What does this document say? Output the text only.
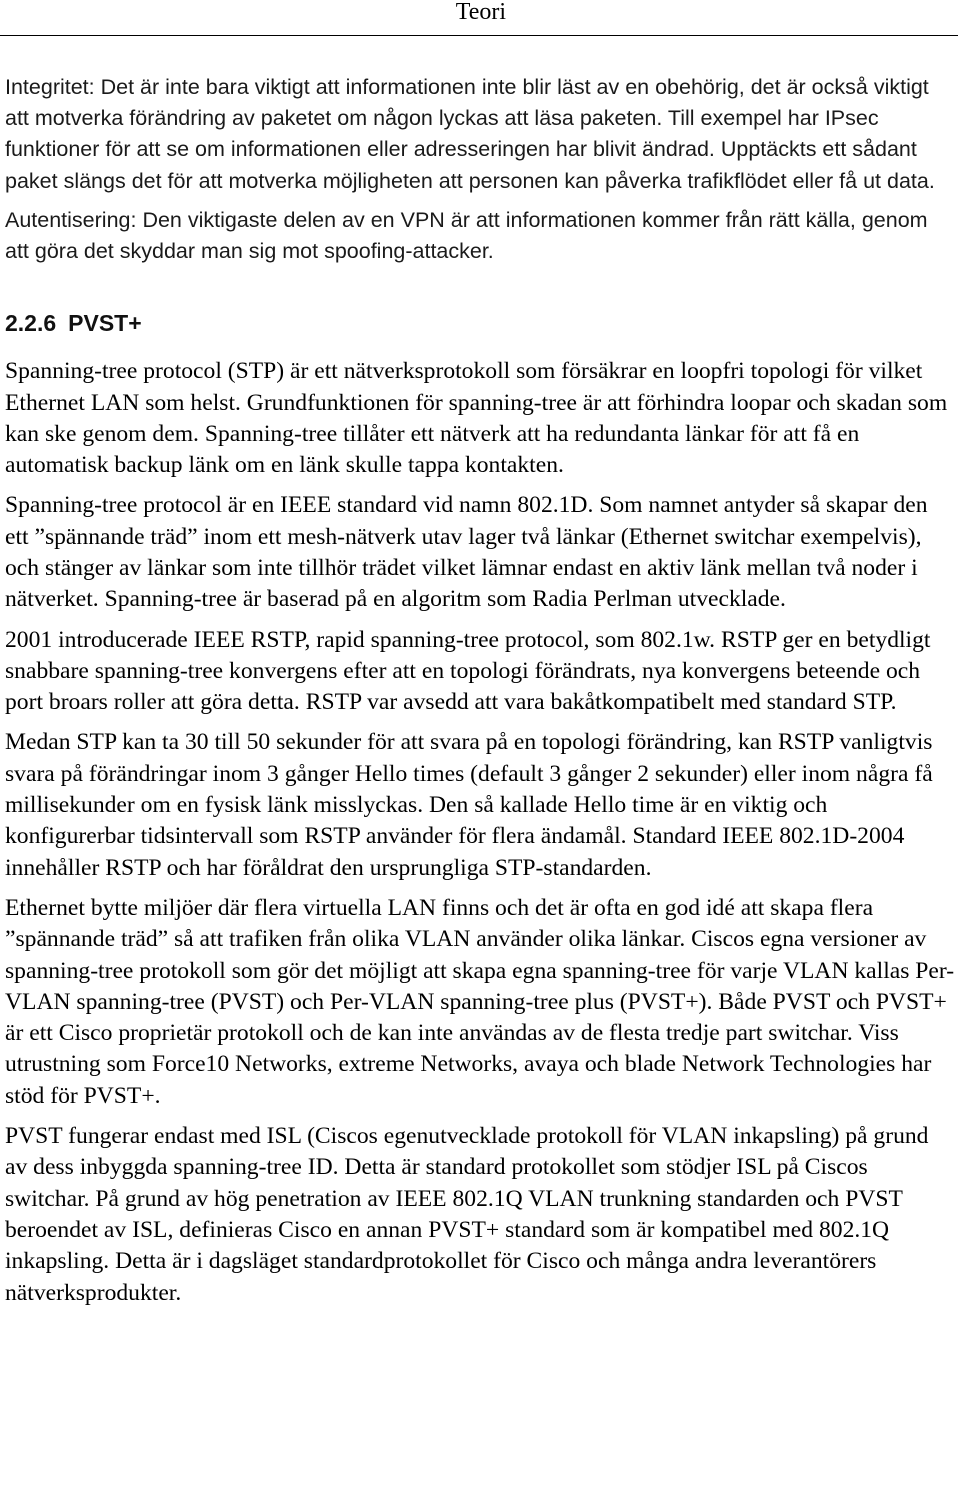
Teori

Integritet: Det är inte bara viktigt att informationen inte blir läst av en obehörig, det är också viktigt att motverka förändring av paketet om någon lyckas att läsa paketen. Till exempel har IPsec funktioner för att se om informationen eller adresseringen har blivit ändrad. Upptäckts ett sådant paket slängs det för att motverka möjligheten att personen kan påverka trafikflödet eller få ut data.

Autentisering: Den viktigaste delen av en VPN är att informationen kommer från rätt källa, genom att göra det skyddar man sig mot spoofing-attacker.

2.2.6 PVST+

Spanning-tree protocol (STP) är ett nätverksprotokoll som försäkrar en loopfri topologi för vilket Ethernet LAN som helst. Grundfunktionen för spanning-tree är att förhindra loopar och skadan som kan ske genom dem. Spanning-tree tillåter ett nätverk att ha redundanta länkar för att få en automatisk backup länk om en länk skulle tappa kontakten.

Spanning-tree protocol är en IEEE standard vid namn 802.1D. Som namnet antyder så skapar den ett ”spännande träd” inom ett mesh-nätverk utav lager två länkar (Ethernet switchar exempelvis), och stänger av länkar som inte tillhör trädet vilket lämnar endast en aktiv länk mellan två noder i nätverket. Spanning-tree är baserad på en algoritm som Radia Perlman utvecklade.

2001 introducerade IEEE RSTP, rapid spanning-tree protocol, som 802.1w. RSTP ger en betydligt snabbare spanning-tree konvergens efter att en topologi förändrats, nya konvergens beteende och port broars roller att göra detta. RSTP var avsedd att vara bakåtkompatibelt med standard STP.

Medan STP kan ta 30 till 50 sekunder för att svara på en topologi förändring, kan RSTP vanligtvis svara på förändringar inom 3 gånger Hello times (default 3 gånger 2 sekunder) eller inom några få millisekunder om en fysisk länk misslyckas. Den så kallade Hello time är en viktig och konfigurerbar tidsintervall som RSTP använder för flera ändamål. Standard IEEE 802.1D-2004 innehåller RSTP och har föråldrat den ursprungliga STP-standarden.

Ethernet bytte miljöer där flera virtuella LAN finns och det är ofta en god idé att skapa flera ”spännande träd” så att trafiken från olika VLAN använder olika länkar. Ciscos egna versioner av spanning-tree protokoll som gör det möjligt att skapa egna spanning-tree för varje VLAN kallas Per-VLAN spanning-tree (PVST) och Per-VLAN spanning-tree plus (PVST+). Både PVST och PVST+ är ett Cisco proprietär protokoll och de kan inte användas av de flesta tredje part switchar. Viss utrustning som Force10 Networks, extreme Networks, avaya och blade Network Technologies har stöd för PVST+.

PVST fungerar endast med ISL (Ciscos egenutvecklade protokoll för VLAN inkapsling) på grund av dess inbyggda spanning-tree ID. Detta är standard protokollet som stödjer ISL på Ciscos switchar. På grund av hög penetration av IEEE 802.1Q VLAN trunkning standarden och PVST beroendet av ISL, definieras Cisco en annan PVST+ standard som är kompatibel med 802.1Q inkapsling. Detta är i dagsläget standardprotokollet för Cisco och många andra leverantörers nätverksprodukter.
